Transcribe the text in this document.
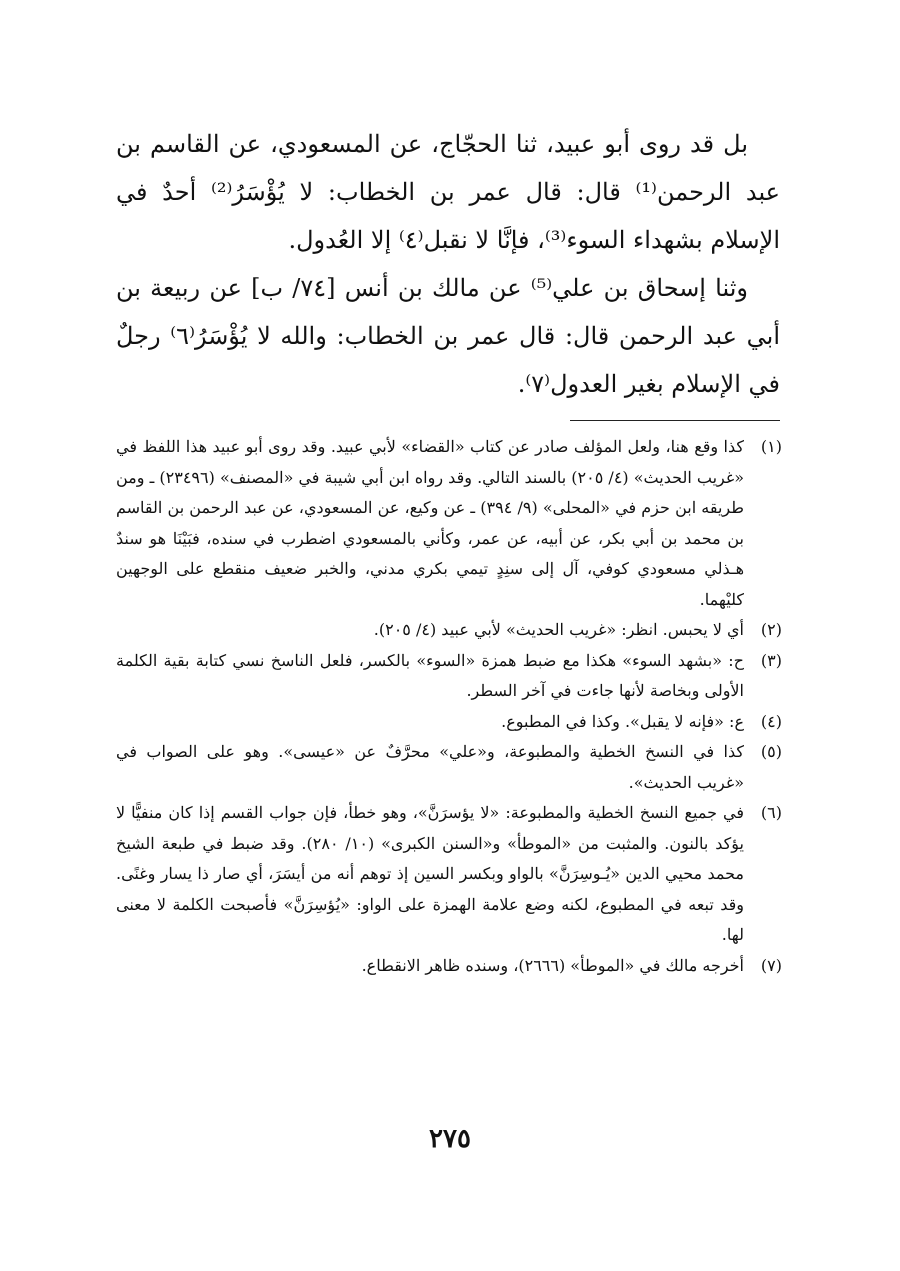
بل قد روى أبو عبيد، ثنا الحجّاج، عن المسعودي، عن القاسم بن عبد الرحمن⁽¹⁾ قال: قال عمر بن الخطاب: لا يُؤْسَرُ⁽²⁾ أحدٌ في الإسلام بشهداء السوء⁽³⁾، فإنَّا لا نقبل⁽٤⁾ إلا العُدول.

وثنا إسحاق بن علي⁽⁵⁾ عن مالك بن أنس [٧٤/ ب] عن ربيعة بن أبي عبد الرحمن قال: قال عمر بن الخطاب: والله لا يُؤْسَرُ⁽٦⁾ رجلٌ في الإسلام بغير العدول⁽٧⁾.

(١)
كذا وقع هنا، ولعل المؤلف صادر عن كتاب «القضاء» لأبي عبيد. وقد روى أبو عبيد هذا اللفظ في «غريب الحديث» (٤/ ٢٠٥) بالسند التالي. وقد رواه ابن أبي شيبة في «المصنف» (٢٣٤٩٦) ـ ومن طريقه ابن حزم في «المحلى» (٩/ ٣٩٤) ـ عن وكيع، عن المسعودي، عن عبد الرحمن بن القاسم بن محمد بن أبي بكر، عن أبيه، عن عمر، وكأني بالمسعودي اضطرب في سنده، فبَيْنَا هو سندٌ هـذلي مسعودي كوفي، آل إلى سنِدٍ تيمي بكري مدني، والخبر ضعيف منقطع على الوجهين كليْهما.
(٢)
أي لا يحبس. انظر: «غريب الحديث» لأبي عبيد (٤/ ٢٠٥).
(٣)
ح: «بشهد السوء» هكذا مع ضبط همزة «السوء» بالكسر، فلعل الناسخ نسي كتابة بقية الكلمة الأولى وبخاصة لأنها جاءت في آخر السطر.
(٤)
ع: «فإنه لا يقبل». وكذا في المطبوع.
(٥)
كذا في النسخ الخطية والمطبوعة، و«علي» محرَّفٌ عن «عيسى». وهو على الصواب في «غريب الحديث».
(٦)
في جميع النسخ الخطية والمطبوعة: «لا يؤسرَنَّ»، وهو خطأ، فإن جواب القسم إذا كان منفيًّا لا يؤكد بالنون. والمثبت من «الموطأ» و«السنن الكبرى» (١٠/ ٢٨٠). وقد ضبط في طبعة الشيخ محمد محيي الدين «يُـوسِرَنَّ» بالواو وبكسر السين إذ توهم أنه من أيسَرَ، أي صار ذا يسار وغنًى. وقد تبعه في المطبوع، لكنه وضع علامة الهمزة على الواو: «يُؤسِرَنَّ» فأصبحت الكلمة لا معنى لها.
(٧)
أخرجه مالك في «الموطأ» (٢٦٦٦)، وسنده ظاهر الانقطاع.
٢٧٥
